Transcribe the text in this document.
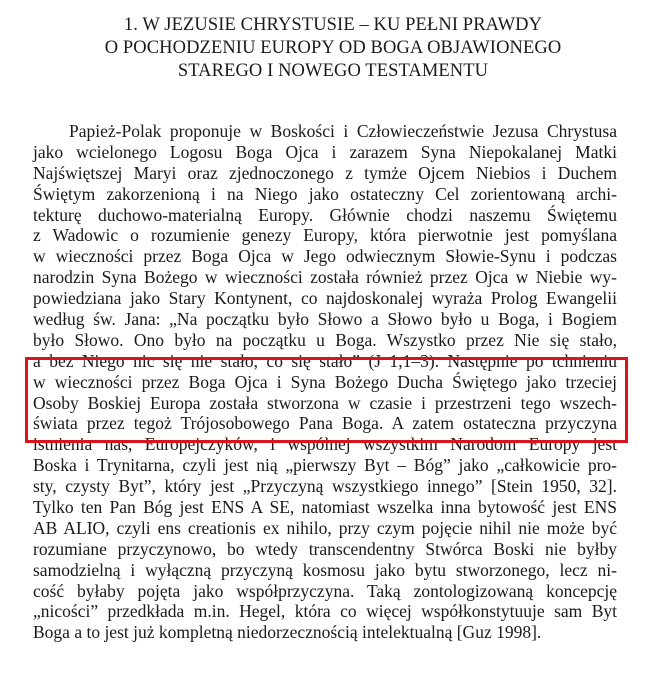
1. W JEZUSIE CHRYSTUSIE – KU PEŁNI PRAWDY
O POCHODZENIU EUROPY OD BOGA OBJAWIONEGO
STAREGO I NOWEGO TESTAMENTU
Papież-Polak proponuje w Boskości i Człowieczeństwie Jezusa Chrystusa
jako wcielonego Logosu Boga Ojca i zarazem Syna Niepokalanej Matki
Najświętszej Maryi oraz zjednoczonego z tymże Ojcem Niebios i Duchem
Świętym zakorzenioną i na Niego jako ostateczny Cel zorientowaną archi-
tekturę duchowo-materialną Europy. Głównie chodzi naszemu Świętemu
z Wadowic o rozumienie genezy Europy, która pierwotnie jest pomyślana
w wieczności przez Boga Ojca w Jego odwiecznym Słowie-Synu i podczas
narodzin Syna Bożego w wieczności została również przez Ojca w Niebie wy-
powiedziana jako Stary Kontynent, co najdoskonalej wyraża Prolog Ewangelii
według św. Jana: „Na początku było Słowo a Słowo było u Boga, i Bogiem
było Słowo. Ono było na początku u Boga. Wszystko przez Nie się stało,
a bez Niego nic się nie stało, co się stało” (J 1,1–3). Następnie po tchnieniu
w wieczności przez Boga Ojca i Syna Bożego Ducha Świętego jako trzeciej
Osoby Boskiej Europa została stworzona w czasie i przestrzeni tego wszech-
świata przez tegoż Trójosobowego Pana Boga. A zatem ostateczna przyczyna
istnienia nas, Europejczyków, i wspólnej wszystkim Narodom Europy jest
Boska i Trynitarna, czyli jest nią „pierwszy Byt – Bóg” jako „całkowicie pro-
sty, czysty Byt”, który jest „Przyczyną wszystkiego innego” [Stein 1950, 32].
Tylko ten Pan Bóg jest ENS A SE, natomiast wszelka inna bytowość jest ENS
AB ALIO, czyli ens creationis ex nihilo, przy czym pojęcie nihil nie może być
rozumiane przyczynowo, bo wtedy transcendentny Stwórca Boski nie byłby
samodzielną i wyłączną przyczyną kosmosu jako bytu stworzonego, lecz ni-
cość byłaby pojęta jako współprzyczyna. Taką zontologizowaną koncepcję
„nicości” przedkłada m.in. Hegel, która co więcej współkonstytuuje sam Byt
Boga a to jest już kompletną niedorzecznością intelektualną [Guz 1998].
